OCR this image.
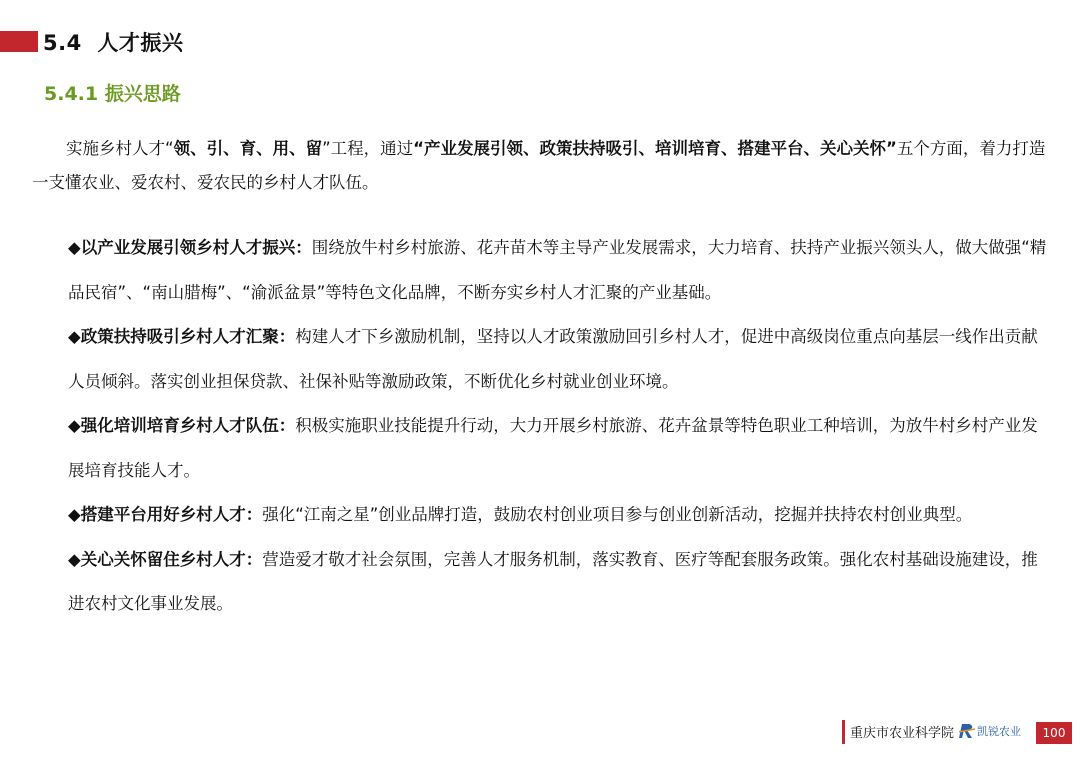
5.4 人才振兴
5.4.1 振兴思路
实施乡村人才“领、引、育、用、留”工程，通过“产业发展引领、政策扶持吸引、培训培育、搭建平台、关心关怀”五个方面，着力打造一支懂农业、爱农村、爱农民的乡村人才队伍。
◆以产业发展引领乡村人才振兴：围绕放牛村乡村旅游、花卉苗木等主导产业发展需求，大力培育、扶持产业振兴领头人，做大做强“精品民宿”、“南山腊梅”、“渝派盆景”等特色文化品牌，不断夯实乡村人才汇聚的产业基础。
◆政策扶持吸引乡村人才汇聚：构建人才下乡激励机制，坚持以人才政策激励回引乡村人才，促进中高级岗位重点向基层一线作出贡献人员倾斜。落实创业担保贷款、社保补贴等激励政策，不断优化乡村就业创业环境。
◆强化培训培育乡村人才队伍：积极实施职业技能提升行动，大力开展乡村旅游、花卉盆景等特色职业工种培训，为放牛村乡村产业发展培育技能人才。
◆搭建平台用好乡村人才：强化“江南之星”创业品牌打造，鼓励农村创业项目参与创业创新活动，挖掘并扶持农村创业典型。
◆关心关怀留住乡村人才：营造爱才敬才社会氛围，完善人才服务机制，落实教育、医疗等配套服务政策。强化农村基础设施建设，推进农村文化事业发展。
重庆市农业科学院 凯锐农业	100
